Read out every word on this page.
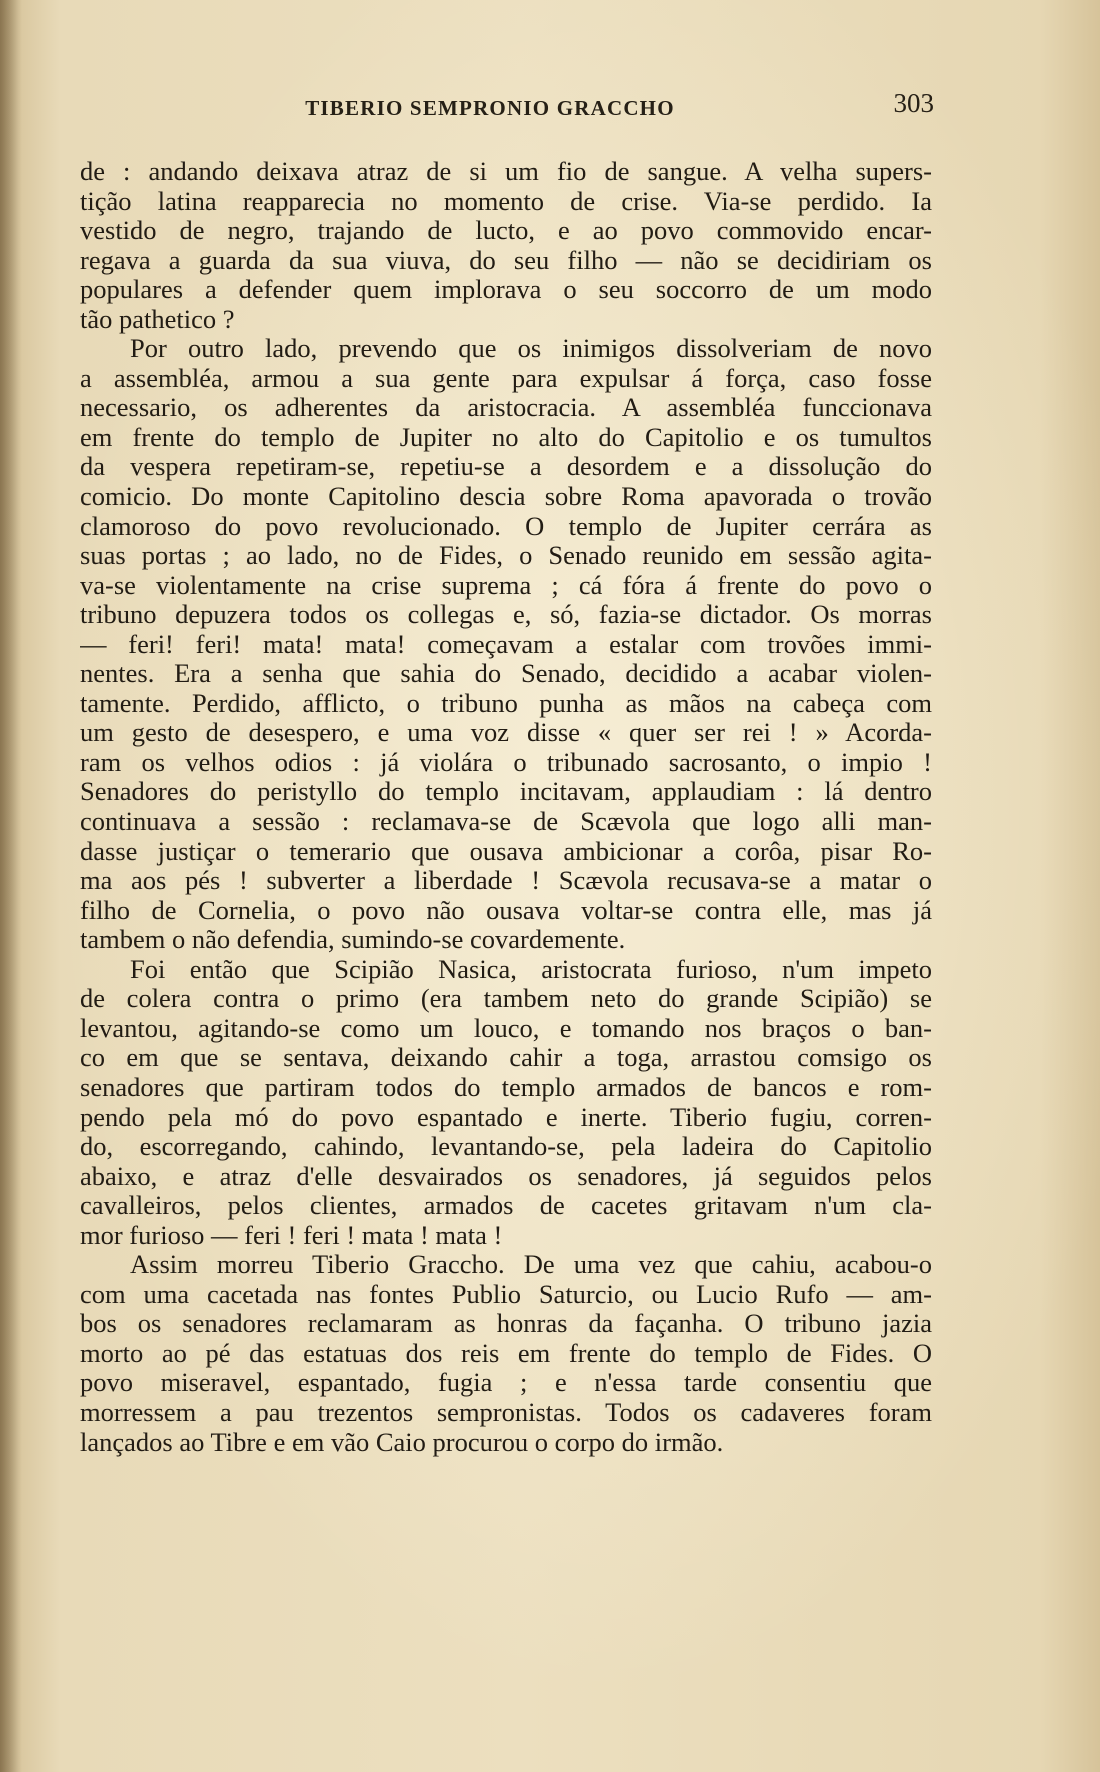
TIBERIO SEMPRONIO GRACCHO	303
de : andando deixava atraz de si um fio de sangue. A velha supers-
tição latina reapparecia no momento de crise. Via-se perdido. Ia
vestido de negro, trajando de lucto, e ao povo commovido encar-
regava a guarda da sua viuva, do seu filho — não se decidiriam os
populares a defender quem implorava o seu soccorro de um modo
tão pathetico ?
Por outro lado, prevendo que os inimigos dissolveriam de novo
a assembléa, armou a sua gente para expulsar á força, caso fosse
necessario, os adherentes da aristocracia. A assembléa funccionava
em frente do templo de Jupiter no alto do Capitolio e os tumultos
da vespera repetiram-se, repetiu-se a desordem e a dissolução do
comicio. Do monte Capitolino descia sobre Roma apavorada o trovão
clamoroso do povo revolucionado. O templo de Jupiter cerrára as
suas portas ; ao lado, no de Fides, o Senado reunido em sessão agita-
va-se violentamente na crise suprema ; cá fóra á frente do povo o
tribuno depuzera todos os collegas e, só, fazia-se dictador. Os morras
— feri! feri! mata! mata! começavam a estalar com trovões immi-
nentes. Era a senha que sahia do Senado, decidido a acabar violen-
tamente. Perdido, afflicto, o tribuno punha as mãos na cabeça com
um gesto de desespero, e uma voz disse « quer ser rei ! » Acorda-
ram os velhos odios : já violára o tribunado sacrosanto, o impio !
Senadores do peristyllo do templo incitavam, applaudiam : lá dentro
continuava a sessão : reclamava-se de Scævola que logo alli man-
dasse justiçar o temerario que ousava ambicionar a corôa, pisar Ro-
ma aos pés ! subverter a liberdade ! Scævola recusava-se a matar o
filho de Cornelia, o povo não ousava voltar-se contra elle, mas já
tambem o não defendia, sumindo-se covardemente.
Foi então que Scipião Nasica, aristocrata furioso, n'um impeto
de colera contra o primo (era tambem neto do grande Scipião) se
levantou, agitando-se como um louco, e tomando nos braços o ban-
co em que se sentava, deixando cahir a toga, arrastou comsigo os
senadores que partiram todos do templo armados de bancos e rom-
pendo pela mó do povo espantado e inerte. Tiberio fugiu, corren-
do, escorregando, cahindo, levantando-se, pela ladeira do Capitolio
abaixo, e atraz d'elle desvairados os senadores, já seguidos pelos
cavalleiros, pelos clientes, armados de cacetes gritavam n'um cla-
mor furioso — feri ! feri ! mata ! mata !
Assim morreu Tiberio Graccho. De uma vez que cahiu, acabou-o
com uma cacetada nas fontes Publio Saturcio, ou Lucio Rufo — am-
bos os senadores reclamaram as honras da façanha. O tribuno jazia
morto ao pé das estatuas dos reis em frente do templo de Fides. O
povo miseravel, espantado, fugia ; e n'essa tarde consentiu que
morressem a pau trezentos sempronistas. Todos os cadaveres foram
lançados ao Tibre e em vão Caio procurou o corpo do irmão.
